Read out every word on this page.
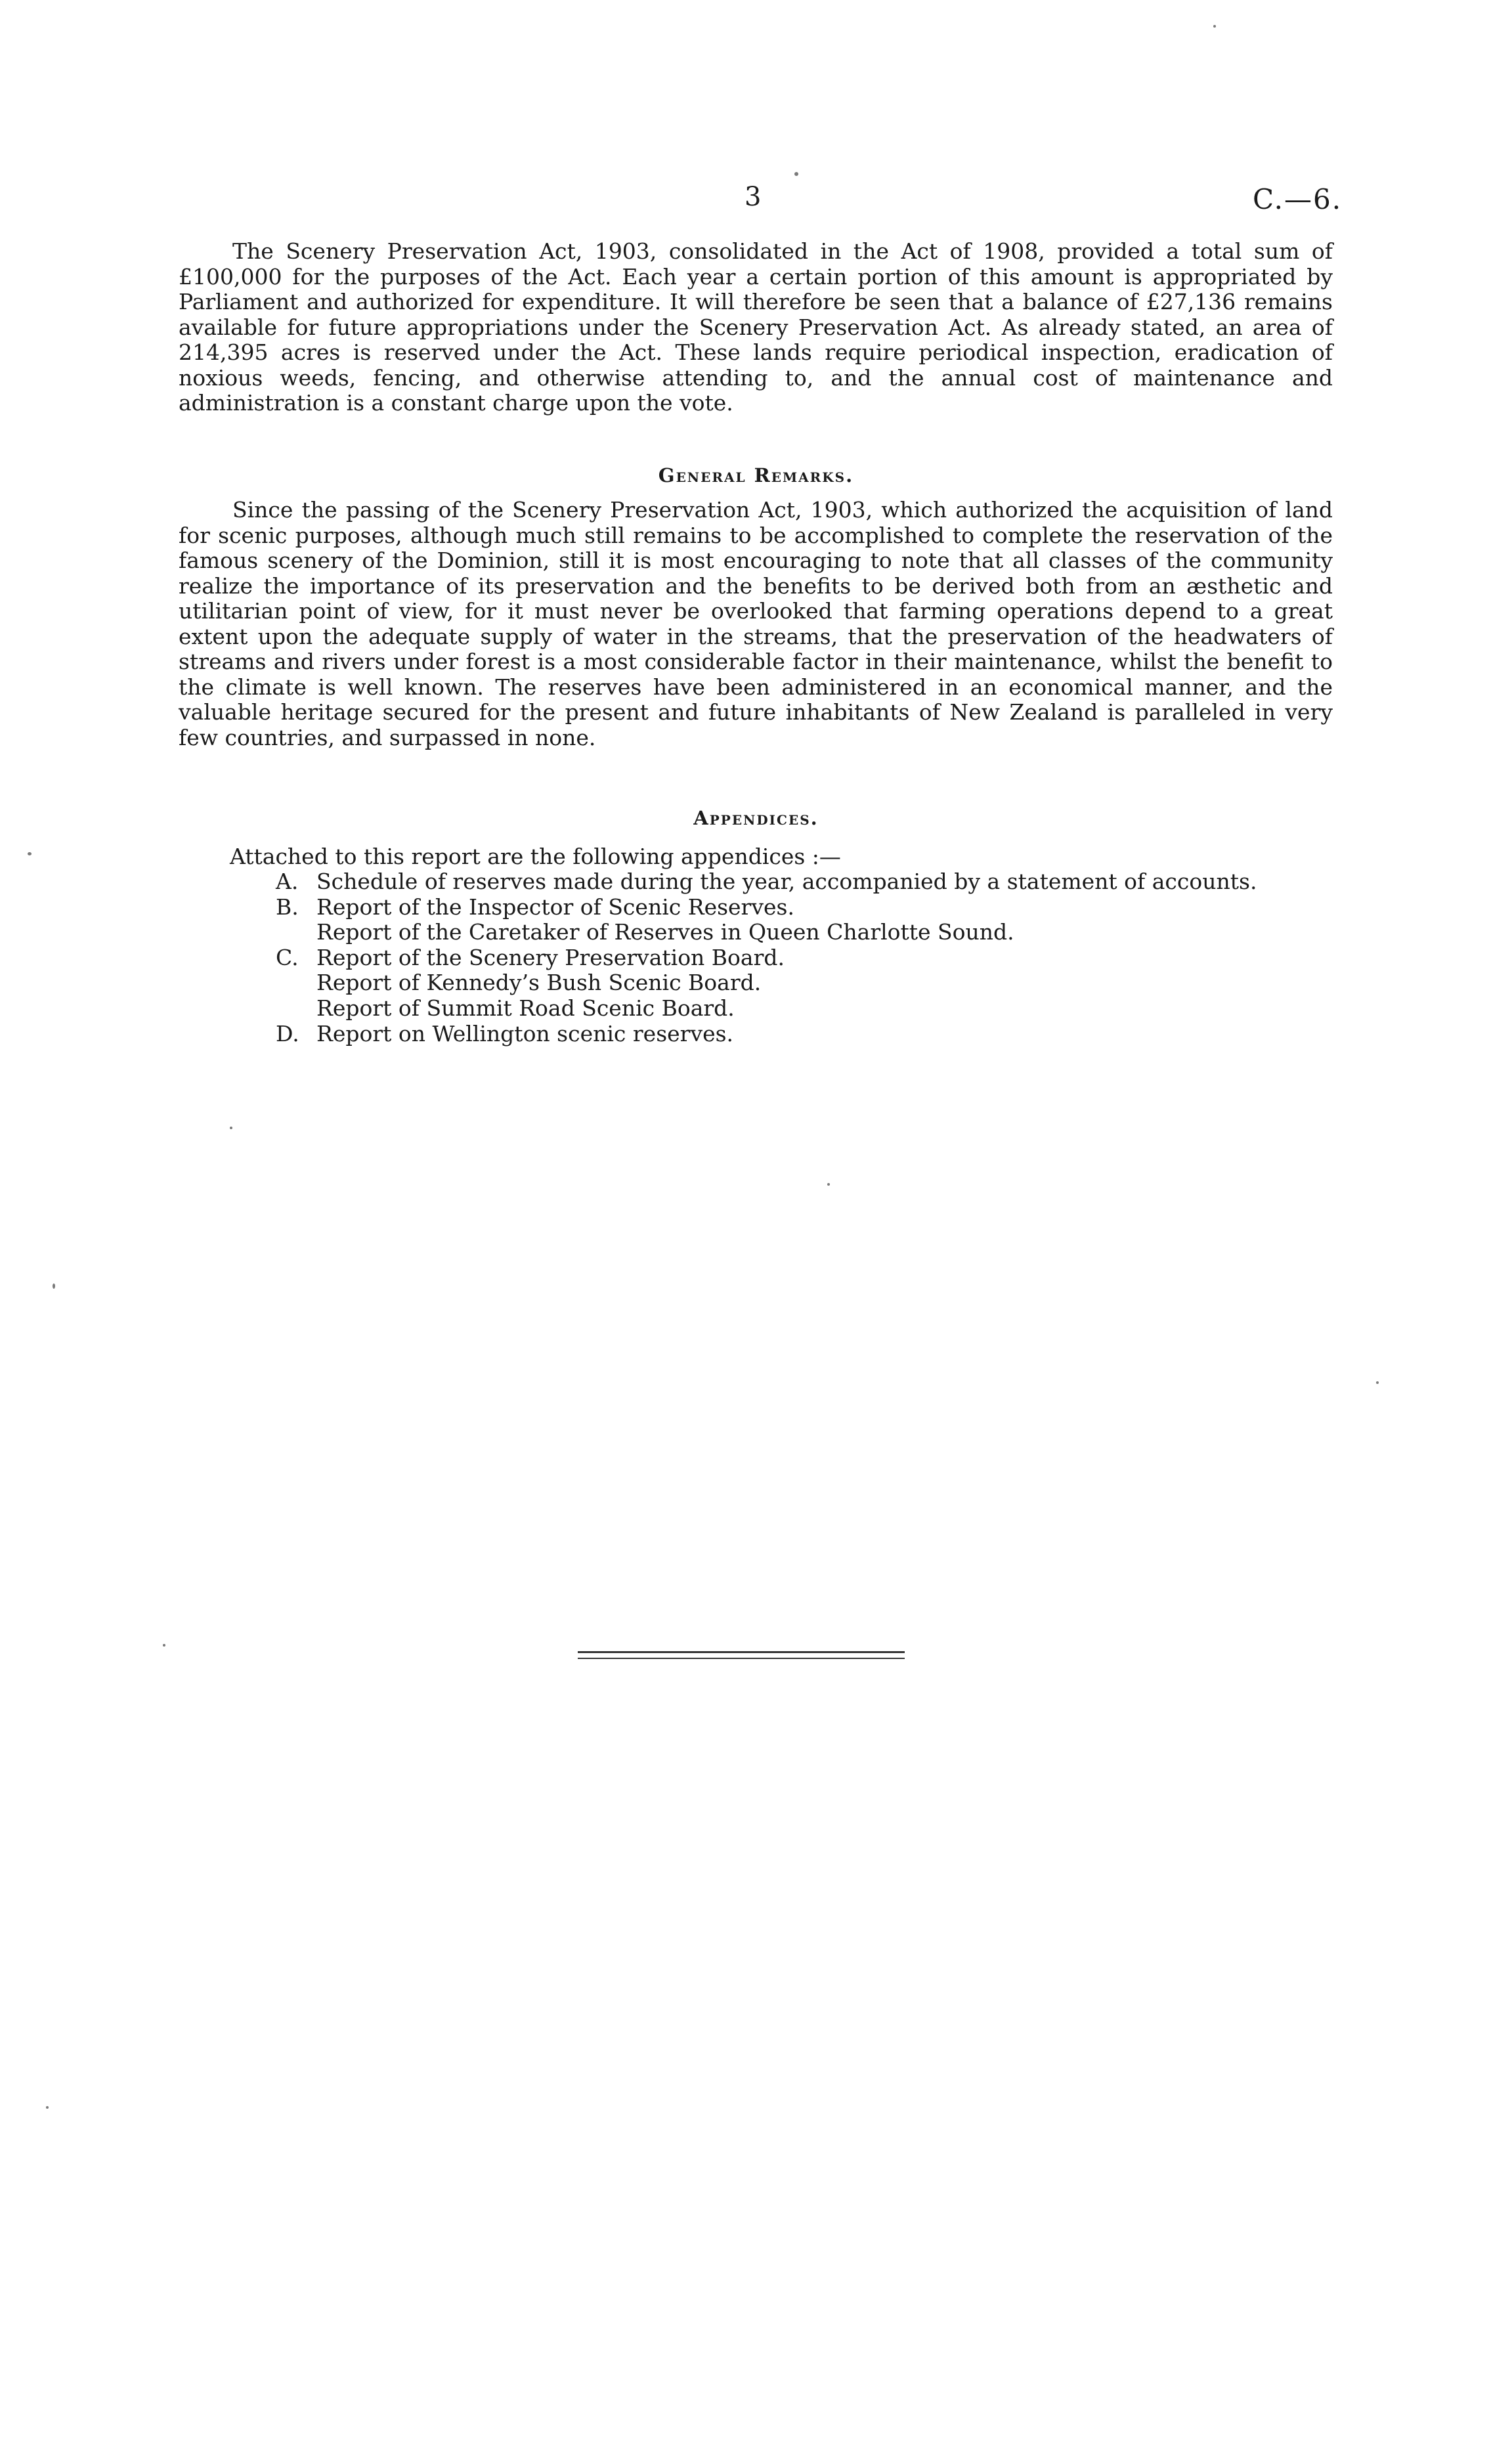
3	C.—6.

The Scenery Preservation Act, 1903, consolidated in the Act of 1908, provided a total sum of £100,000 for the purposes of the Act. Each year a certain portion of this amount is appropriated by Parliament and authorized for expenditure. It will therefore be seen that a balance of £27,136 remains available for future appropriations under the Scenery Preservation Act. As already stated, an area of 214,395 acres is reserved under the Act. These lands require periodical inspection, eradication of noxious weeds, fencing, and otherwise attending to, and the annual cost of maintenance and administration is a constant charge upon the vote.

General Remarks.

Since the passing of the Scenery Preservation Act, 1903, which authorized the acquisition of land for scenic purposes, although much still remains to be accomplished to complete the reservation of the famous scenery of the Dominion, still it is most encouraging to note that all classes of the community realize the importance of its preservation and the benefits to be derived both from an æsthetic and utilitarian point of view, for it must never be overlooked that farming operations depend to a great extent upon the adequate supply of water in the streams, that the preservation of the headwaters of streams and rivers under forest is a most considerable factor in their maintenance, whilst the benefit to the climate is well known. The reserves have been administered in an economical manner, and the valuable heritage secured for the present and future inhabitants of New Zealand is paralleled in very few countries, and surpassed in none.

Appendices.

Attached to this report are the following appendices :—

A. Schedule of reserves made during the year, accompanied by a statement of accounts.
B. Report of the Inspector of Scenic Reserves.
Report of the Caretaker of Reserves in Queen Charlotte Sound.
C. Report of the Scenery Preservation Board.
Report of Kennedy’s Bush Scenic Board.
Report of Summit Road Scenic Board.
D. Report on Wellington scenic reserves.
